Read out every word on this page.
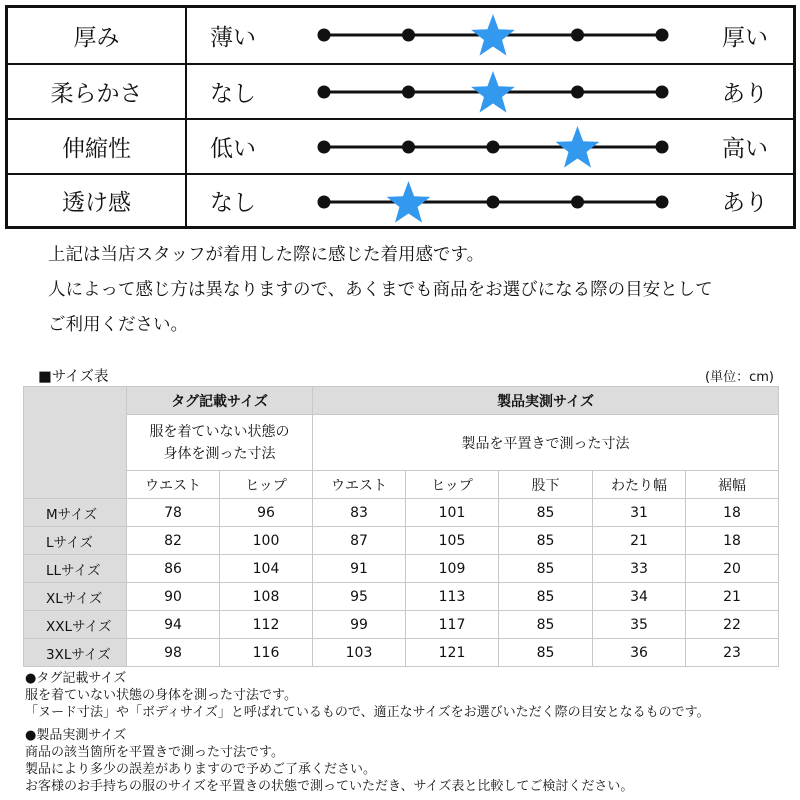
厚み	薄い	厚い
柔らかさ	なし	あり
伸縮性	低い	高い
透け感	なし	あり
上記は当店スタッフが着用した際に感じた着用感です。
人によって感じ方は異なりますので、あくまでも商品をお選びになる際の目安として
ご利用ください。
■サイズ表	(単位：cm)
	タグ記載サイズ		製品実測サイズ				

	服を着ていない状態の
身体を測った寸法		製品を平置きで測った寸法				
	ウエスト	ヒップ	ウエスト	ヒップ	股下	わたり幅	裾幅
Mサイズ	78	96	83	101	85	31	18
Lサイズ	82	100	87	105	85	21	18
LLサイズ	86	104	91	109	85	33	20
XLサイズ	90	108	95	113	85	34	21
XXLサイズ	94	112	99	117	85	35	22
3XLサイズ	98	116	103	121	85	36	23
●タグ記載サイズ
服を着ていない状態の身体を測った寸法です。
「ヌード寸法」や「ボディサイズ」と呼ばれているもので、適正なサイズをお選びいただく際の目安となるものです。
●製品実測サイズ
商品の該当箇所を平置きで測った寸法です。
製品により多少の誤差がありますので予めご了承ください。
お客様のお手持ちの服のサイズを平置きの状態で測っていただき、サイズ表と比較してご検討ください。
